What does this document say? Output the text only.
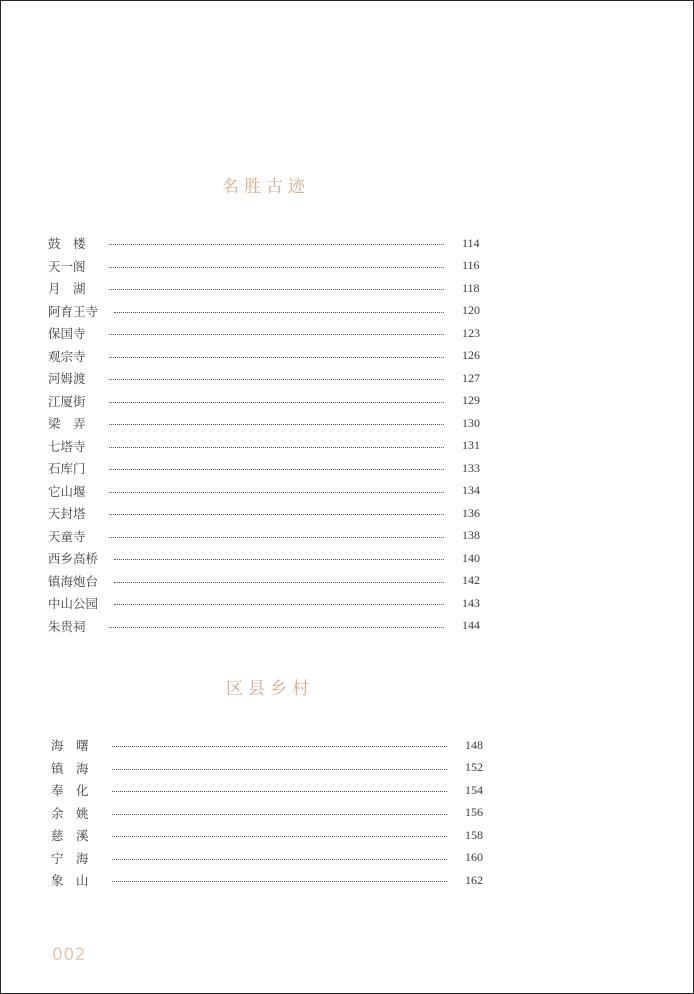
名胜古迹
鼓　楼	114
天一阁	116
月　湖	118
阿育王寺	120
保国寺	123
观宗寺	126
河姆渡	127
江厦街	129
梁　弄	130
七塔寺	131
石库门	133
它山堰	134
天封塔	136
天童寺	138
西乡高桥	140
镇海炮台	142
中山公园	143
朱贵祠	144
区县乡村
海　曙	148
镇　海	152
奉　化	154
余　姚	156
慈　溪	158
宁　海	160
象　山	162
002
